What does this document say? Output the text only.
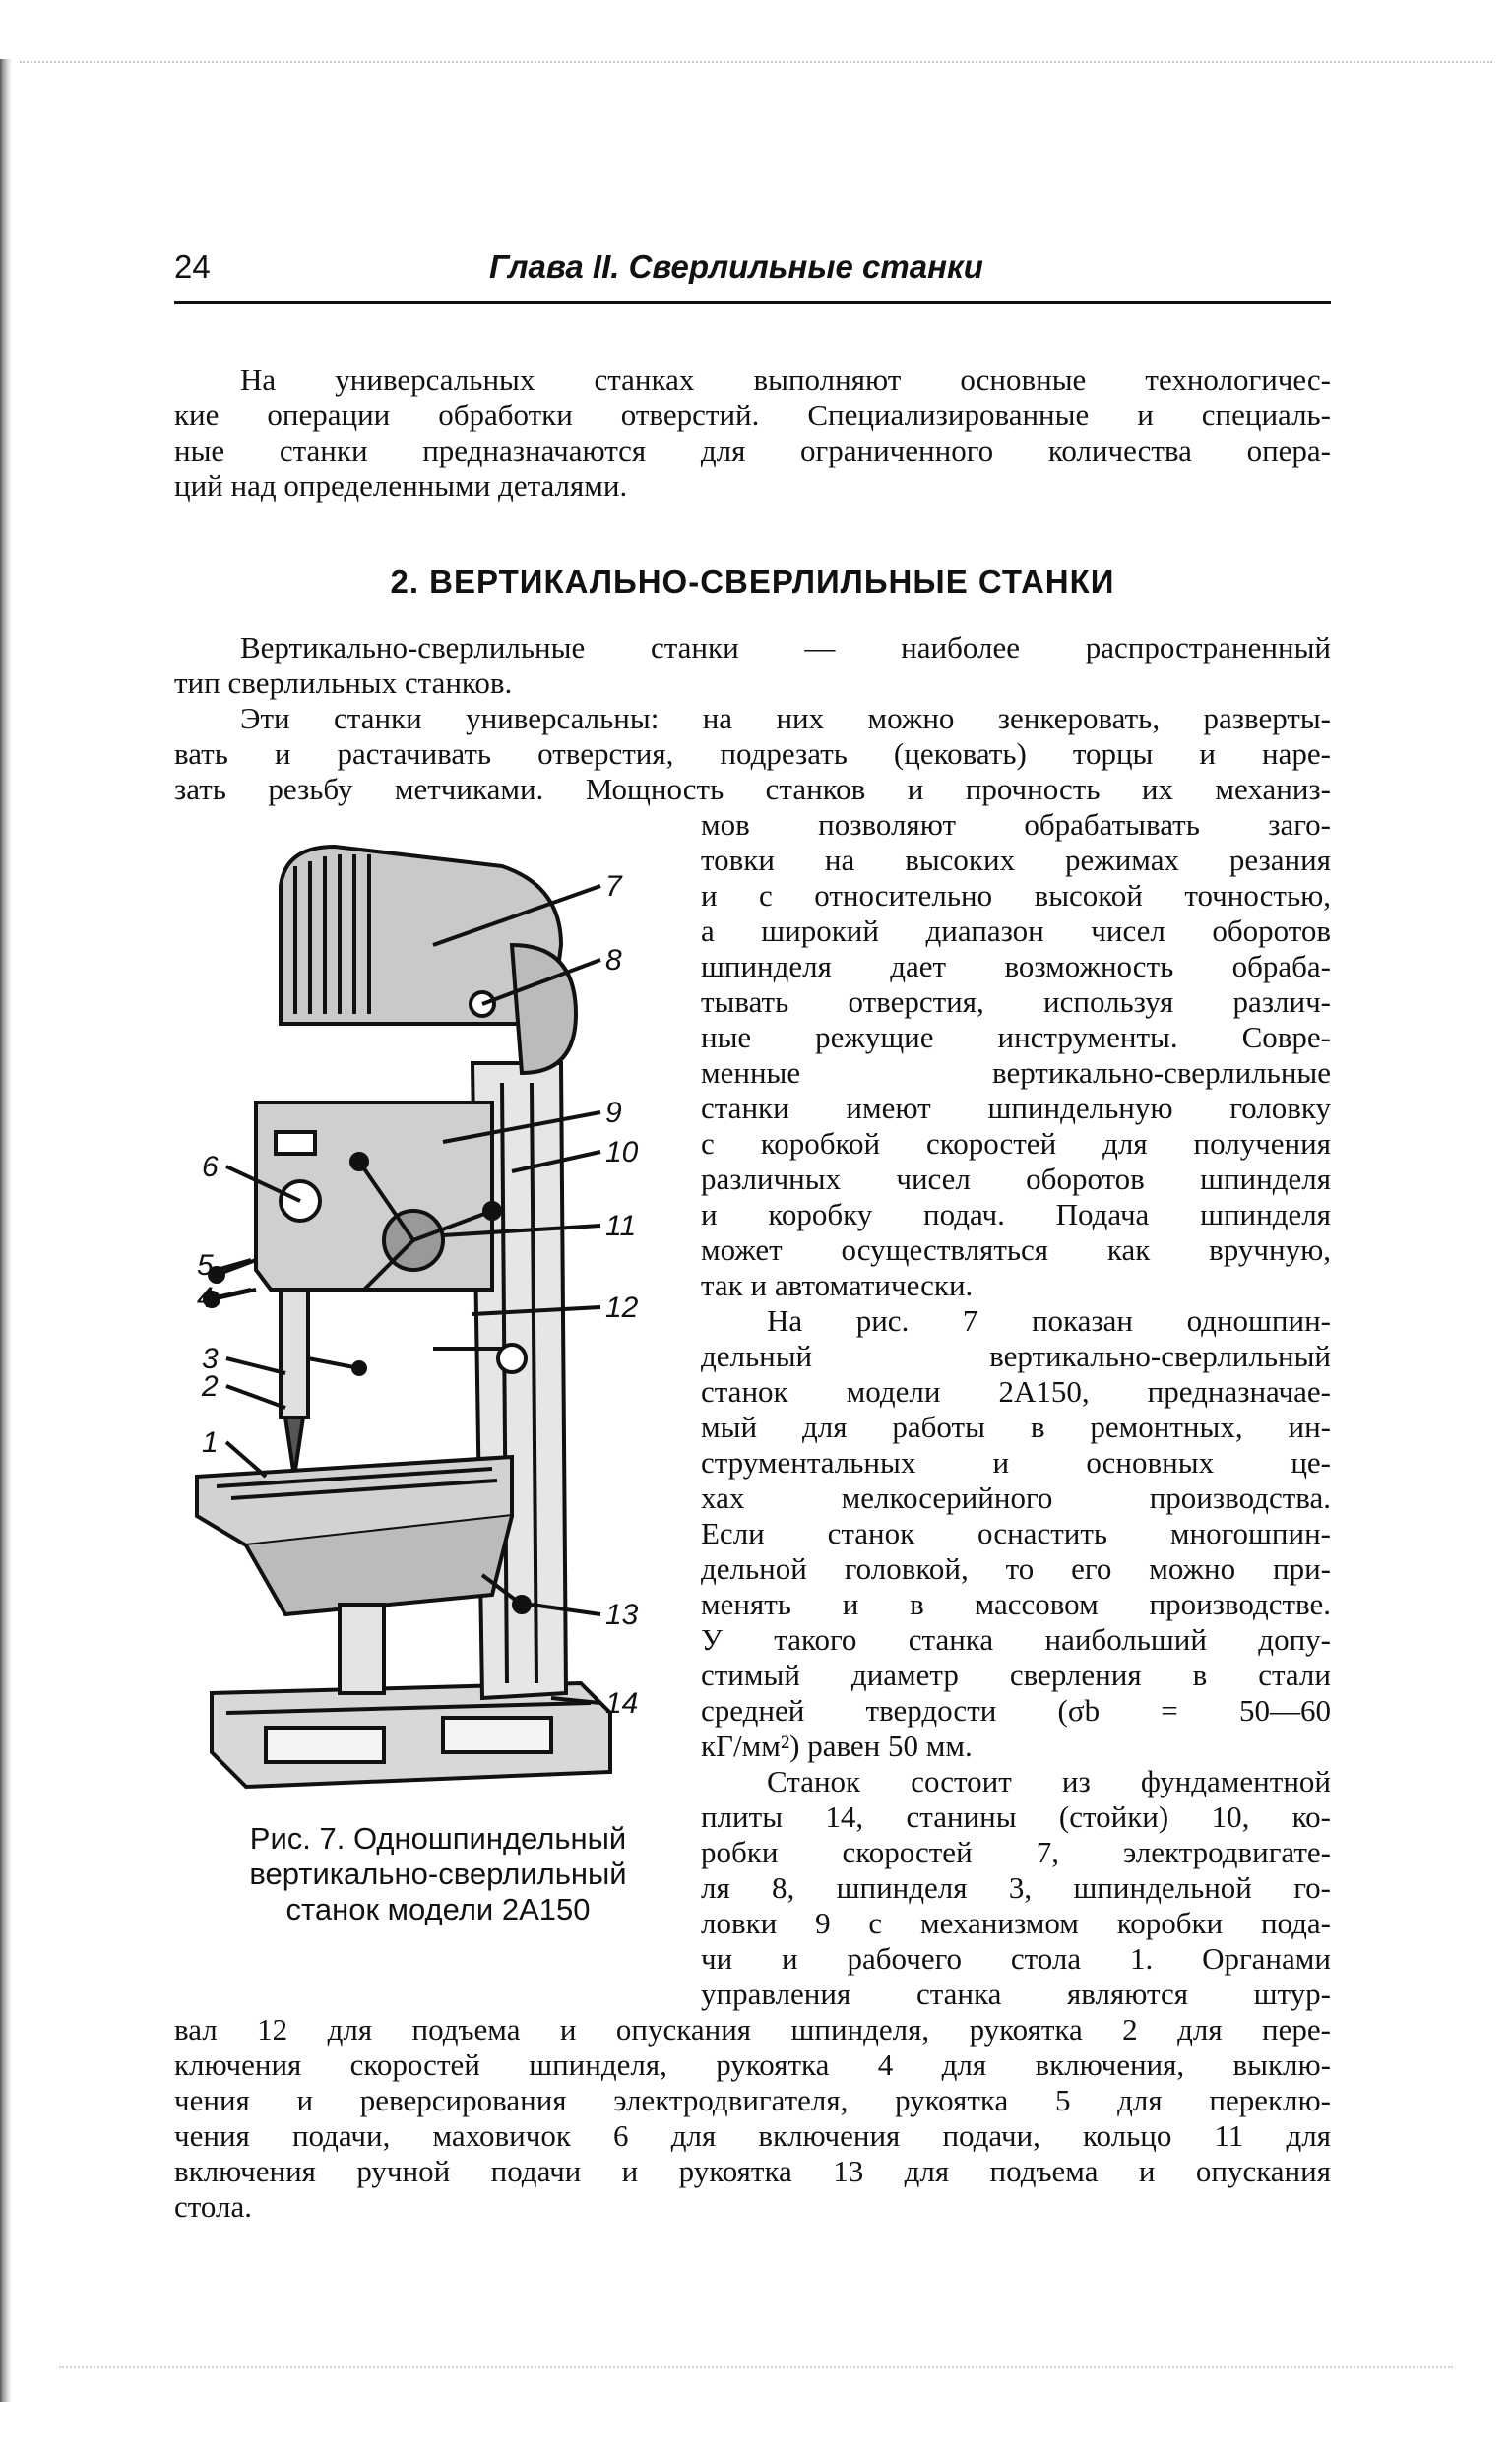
24	Глава II. Сверлильные станки
На универсальных станках выполняют основные технологичес-
кие операции обработки отверстий. Специализированные и специаль-
ные станки предназначаются для ограниченного количества опера-
ций над определенными деталями.
2. ВЕРТИКАЛЬНО-СВЕРЛИЛЬНЫЕ СТАНКИ
Вертикально-сверлильные станки — наиболее распространенный
тип сверлильных станков.
Эти станки универсальны: на них можно зенкеровать, разверты-
вать и растачивать отверстия, подрезать (цековать) торцы и наре-
зать резьбу метчиками. Мощность станков и прочность их механиз-
мов позволяют обрабатывать заго-
товки на высоких режимах резания
и с относительно высокой точностью,
а широкий диапазон чисел оборотов
шпинделя дает возможность обраба-
тывать отверстия, используя различ-
ные режущие инструменты. Совре-
менные вертикально-сверлильные
станки имеют шпиндельную головку
с коробкой скоростей для получения
различных чисел оборотов шпинделя
и коробку подач. Подача шпинделя
может осуществляться как вручную,
так и автоматически.
На рис. 7 показан одношпин-
дельный вертикально-сверлильный
станок модели 2А150, предназначае-
мый для работы в ремонтных, ин-
струментальных и основных це-
хах мелкосерийного производства.
Если станок оснастить многошпин-
дельной головкой, то его можно при-
менять и в массовом производстве.
У такого станка наибольший допу-
стимый диаметр сверления в стали
средней твердости (σb = 50—60
кГ/мм²) равен 50 мм.
Станок состоит из фундаментной
плиты 14, станины (стойки) 10, ко-
робки скоростей 7, электродвигате-
ля 8, шпинделя 3, шпиндельной го-
ловки 9 с механизмом коробки пода-
чи и рабочего стола 1. Органами
управления станка являются штур-
7
8
9
10
11
12
13
14
6
5
4
3
2
1
Рис. 7. Одношпиндельный
вертикально-сверлильный
станок модели 2А150
вал 12 для подъема и опускания шпинделя, рукоятка 2 для пере-
ключения скоростей шпинделя, рукоятка 4 для включения, выклю-
чения и реверсирования электродвигателя, рукоятка 5 для переклю-
чения подачи, маховичок 6 для включения подачи, кольцо 11 для
включения ручной подачи и рукоятка 13 для подъема и опускания
стола.
